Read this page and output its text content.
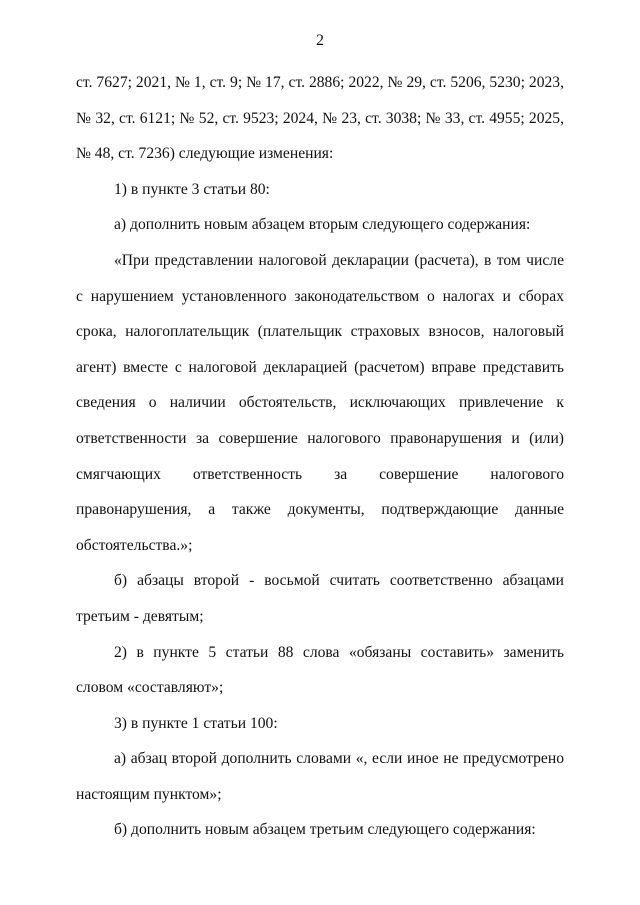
2

ст. 7627; 2021, № 1, ст. 9; № 17, ст. 2886; 2022, № 29, ст. 5206, 5230; 2023, № 32, ст. 6121; № 52, ст. 9523; 2024, № 23, ст. 3038; № 33, ст. 4955; 2025, № 48, ст. 7236) следующие изменения:

1) в пункте 3 статьи 80:

а) дополнить новым абзацем вторым следующего содержания:

«При представлении налоговой декларации (расчета), в том числе с нарушением установленного законодательством о налогах и сборах срока, налогоплательщик (плательщик страховых взносов, налоговый агент) вместе с налоговой декларацией (расчетом) вправе представить сведения о наличии обстоятельств, исключающих привлечение к ответственности за совершение налогового правонарушения и (или) смягчающих ответственность за совершение налогового правонарушения, а также документы, подтверждающие данные обстоятельства.»;

б) абзацы второй - восьмой считать соответственно абзацами третьим - девятым;

2) в пункте 5 статьи 88 слова «обязаны составить» заменить словом «составляют»;

3) в пункте 1 статьи 100:

а) абзац второй дополнить словами «, если иное не предусмотрено настоящим пунктом»;

б) дополнить новым абзацем третьим следующего содержания:
